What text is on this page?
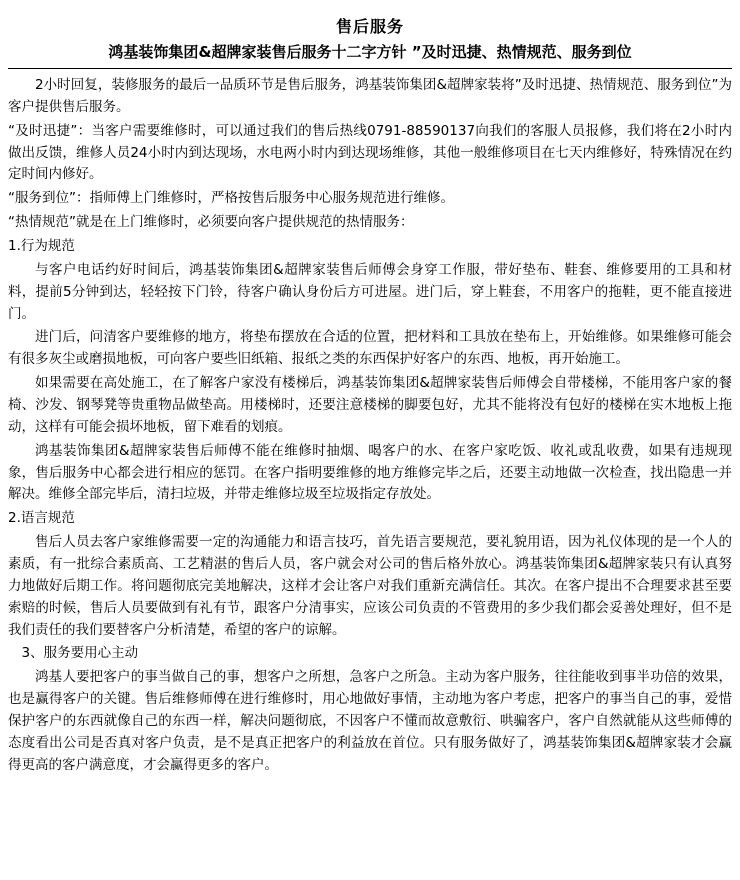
售后服务
鸿基装饰集团&超牌家装售后服务十二字方针 ”及时迅捷、热情规范、服务到位

2小时回复，装修服务的最后一品质环节是售后服务，鸿基装饰集团&超牌家装将”及时迅捷、热情规范、服务到位”为客户提供售后服务。

“及时迅捷”：当客户需要维修时，可以通过我们的售后热线0791-88590137向我们的客服人员报修，我们将在2小时内做出反馈，维修人员24小时内到达现场，水电两小时内到达现场维修，其他一般维修项目在七天内维修好，特殊情况在约定时间内修好。

“服务到位”：指师傅上门维修时，严格按售后服务中心服务规范进行维修。

“热情规范”就是在上门维修时，必须要向客户提供规范的热情服务：

1.行为规范

与客户电话约好时间后，鸿基装饰集团&超牌家装售后师傅会身穿工作服，带好垫布、鞋套、维修要用的工具和材料，提前5分钟到达，轻轻按下门铃，待客户确认身份后方可进屋。进门后，穿上鞋套，不用客户的拖鞋，更不能直接进门。

进门后，问清客户要维修的地方，将垫布摆放在合适的位置，把材料和工具放在垫布上，开始维修。如果维修可能会有很多灰尘或磨损地板，可向客户要些旧纸箱、报纸之类的东西保护好客户的东西、地板，再开始施工。

如果需要在高处施工，在了解客户家没有楼梯后，鸿基装饰集团&超牌家装售后师傅会自带楼梯，不能用客户家的餐椅、沙发、钢琴凳等贵重物品做垫高。用楼梯时，还要注意楼梯的脚要包好，尤其不能将没有包好的楼梯在实木地板上拖动，这样有可能会损坏地板，留下难看的划痕。

鸿基装饰集团&超牌家装售后师傅不能在维修时抽烟、喝客户的水、在客户家吃饭、收礼或乱收费，如果有违规现象，售后服务中心都会进行相应的惩罚。在客户指明要维修的地方维修完毕之后，还要主动地做一次检查，找出隐患一并解决。维修全部完毕后，清扫垃圾，并带走维修垃圾至垃圾指定存放处。

2.语言规范

售后人员去客户家维修需要一定的沟通能力和语言技巧，首先语言要规范，要礼貌用语，因为礼仪体现的是一个人的素质，有一批综合素质高、工艺精湛的售后人员，客户就会对公司的售后格外放心。鸿基装饰集团&超牌家装只有认真努力地做好后期工作。将问题彻底完美地解决，这样才会让客户对我们重新充满信任。其次。在客户提出不合理要求甚至要索赔的时候，售后人员要做到有礼有节，跟客户分清事实，应该公司负责的不管费用的多少我们都会妥善处理好，但不是我们责任的我们要替客户分析清楚，希望的客户的谅解。

3、服务要用心主动

鸿基人要把客户的事当做自己的事，想客户之所想，急客户之所急。主动为客户服务，往往能收到事半功倍的效果，也是赢得客户的关键。售后维修师傅在进行维修时，用心地做好事情，主动地为客户考虑，把客户的事当自己的事，爱惜保护客户的东西就像自己的东西一样，解决问题彻底，不因客户不懂而故意敷衍、哄骗客户，客户自然就能从这些师傅的态度看出公司是否真对客户负责，是不是真正把客户的利益放在首位。只有服务做好了，鸿基装饰集团&超牌家装才会赢得更高的客户满意度，才会赢得更多的客户。
